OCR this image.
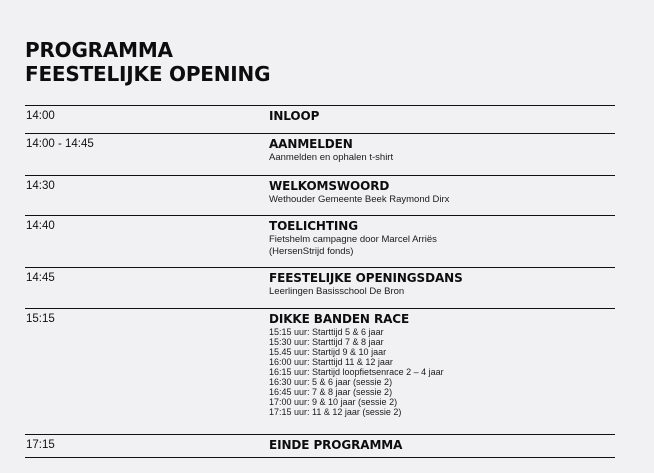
PROGRAMMA
FEESTELIJKE OPENING
14:00	INLOOP
14:00 - 14:45	AANMELDEN
Aanmelden en ophalen t-shirt
14:30	WELKOMSWOORD
Wethouder Gemeente Beek Raymond Dirx
14:40	TOELICHTING
Fietshelm campagne door Marcel Arriës
(HersenStrijd fonds)
14:45	FEESTELIJKE OPENINGSDANS
Leerlingen Basisschool De Bron
15:15	DIKKE BANDEN RACE
15:15 uur: Starttijd 5 & 6 jaar
15:30 uur: Starttijd 7 & 8 jaar
15.45 uur: Startijd 9 & 10 jaar
16:00 uur: Starttijd 11 & 12 jaar
16:15 uur: Startijd loopfietsenrace 2 – 4 jaar
16:30 uur: 5 & 6 jaar (sessie 2)
16:45 uur: 7 & 8 jaar (sessie 2)
17:00 uur: 9 & 10 jaar (sessie 2)
17:15 uur: 11 & 12 jaar (sessie 2)
17:15	EINDE PROGRAMMA
